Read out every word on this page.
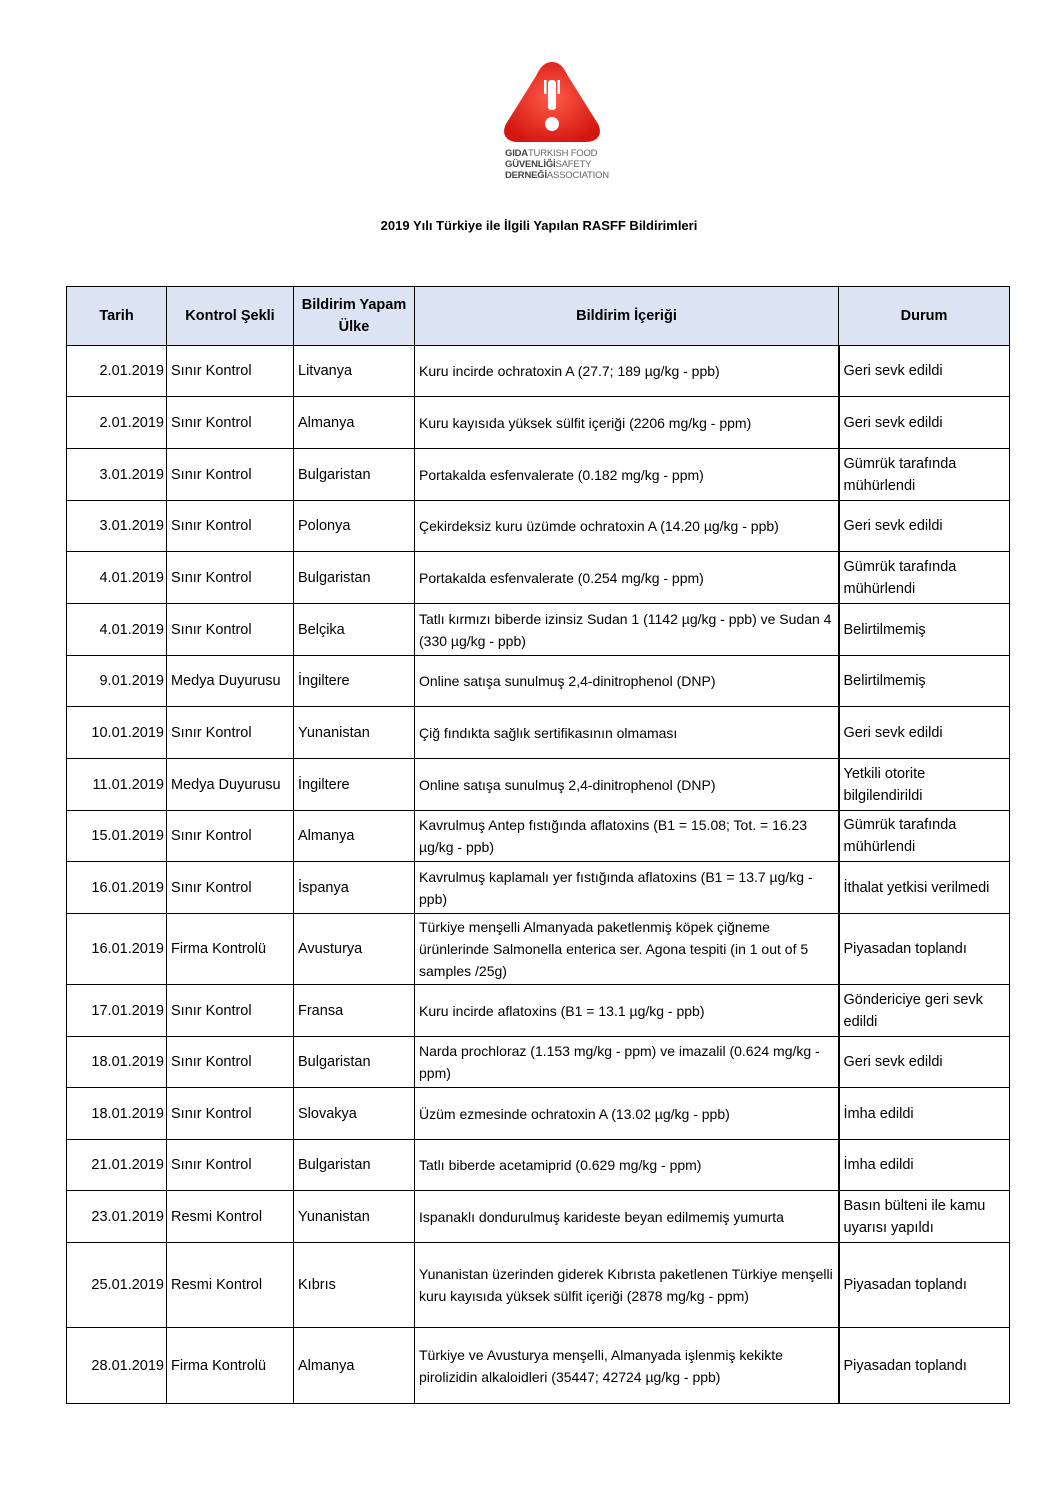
GIDATURKISH FOOD
GÜVENLİĞİSAFETY
DERNEĞİASSOCIATION
2019 Yılı Türkiye ile İlgili Yapılan RASFF Bildirimleri
Tarih	Kontrol Şekli	Bildirim Yapam Ülke	Bildirim İçeriği	Durum
2.01.2019	Sınır Kontrol	Litvanya	Kuru incirde ochratoxin A (27.7; 189 µg/kg - ppb)	Geri sevk edildi
2.01.2019	Sınır Kontrol	Almanya	Kuru kayısıda yüksek sülfit içeriği (2206 mg/kg - ppm)	Geri sevk edildi
3.01.2019	Sınır Kontrol	Bulgaristan	Portakalda esfenvalerate (0.182 mg/kg - ppm)	Gümrük tarafında mühürlendi
3.01.2019	Sınır Kontrol	Polonya	Çekirdeksiz kuru üzümde ochratoxin A (14.20 µg/kg - ppb)	Geri sevk edildi
4.01.2019	Sınır Kontrol	Bulgaristan	Portakalda esfenvalerate (0.254 mg/kg - ppm)	Gümrük tarafında mühürlendi
4.01.2019	Sınır Kontrol	Belçika	Tatlı kırmızı biberde izinsiz Sudan 1 (1142 µg/kg - ppb) ve Sudan 4 (330 µg/kg - ppb)	Belirtilmemiş
9.01.2019	Medya Duyurusu	İngiltere	Online satışa sunulmuş 2,4-dinitrophenol (DNP)	Belirtilmemiş
10.01.2019	Sınır Kontrol	Yunanistan	Çiğ fındıkta sağlık sertifikasının olmaması	Geri sevk edildi
11.01.2019	Medya Duyurusu	İngiltere	Online satışa sunulmuş 2,4-dinitrophenol (DNP)	Yetkili otorite bilgilendirildi
15.01.2019	Sınır Kontrol	Almanya	Kavrulmuş Antep fıstığında aflatoxins (B1 = 15.08; Tot. = 16.23 µg/kg - ppb)	Gümrük tarafında mühürlendi
16.01.2019	Sınır Kontrol	İspanya	Kavrulmuş kaplamalı yer fıstığında aflatoxins (B1 = 13.7 µg/kg - ppb)	İthalat yetkisi verilmedi
16.01.2019	Firma Kontrolü	Avusturya	Türkiye menşelli Almanyada paketlenmiş köpek çiğneme ürünlerinde Salmonella enterica ser. Agona tespiti (in 1 out of 5 samples /25g)	Piyasadan toplandı
17.01.2019	Sınır Kontrol	Fransa	Kuru incirde aflatoxins (B1 = 13.1 µg/kg - ppb)	Göndericiye geri sevk edildi
18.01.2019	Sınır Kontrol	Bulgaristan	Narda prochloraz (1.153 mg/kg - ppm) ve imazalil (0.624 mg/kg - ppm)	Geri sevk edildi
18.01.2019	Sınır Kontrol	Slovakya	Üzüm ezmesinde ochratoxin A (13.02 µg/kg - ppb)	İmha edildi
21.01.2019	Sınır Kontrol	Bulgaristan	Tatlı biberde acetamiprid (0.629 mg/kg - ppm)	İmha edildi
23.01.2019	Resmi Kontrol	Yunanistan	Ispanaklı dondurulmuş karideste beyan edilmemiş yumurta	Basın bülteni ile kamu uyarısı yapıldı
25.01.2019	Resmi Kontrol	Kıbrıs	Yunanistan üzerinden giderek Kıbrısta paketlenen Türkiye menşelli kuru kayısıda yüksek sülfit içeriği (2878 mg/kg - ppm)	Piyasadan toplandı
28.01.2019	Firma Kontrolü	Almanya	Türkiye ve Avusturya menşelli, Almanyada işlenmiş kekikte pirolizidin alkaloidleri (35447; 42724 µg/kg - ppb)	Piyasadan toplandı
